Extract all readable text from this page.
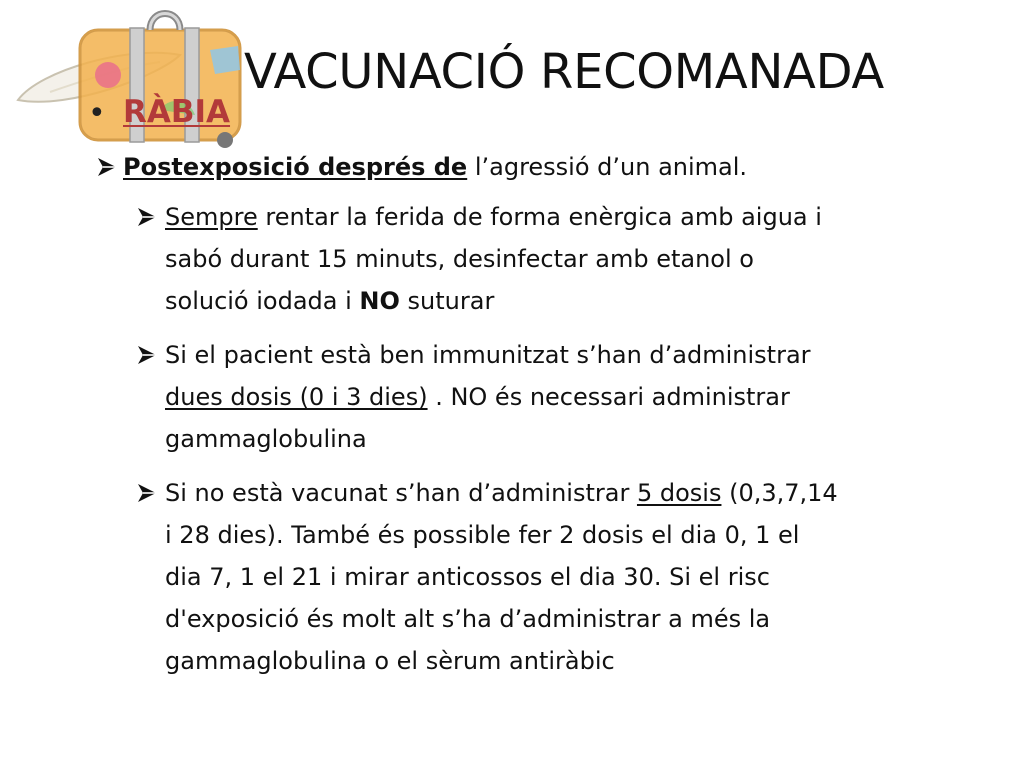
VACUNACIÓ RECOMANADA
• RÀBIA
Postexposició després de l’agressió d’un animal.
Sempre rentar la ferida de forma enèrgica amb aigua i
sabó durant 15 minuts, desinfectar amb etanol o
solució iodada i NO suturar
Si el pacient està ben immunitzat s’han d’administrar
dues dosis (0 i 3 dies) . NO és necessari administrar
gammaglobulina
Si no està vacunat s’han d’administrar 5 dosis (0,3,7,14
i 28 dies). També és possible fer 2 dosis el dia 0, 1 el
dia 7, 1 el 21 i mirar anticossos el dia 30. Si el risc
d'exposició és molt alt s’ha d’administrar a més la
gammaglobulina o el sèrum antiràbic
